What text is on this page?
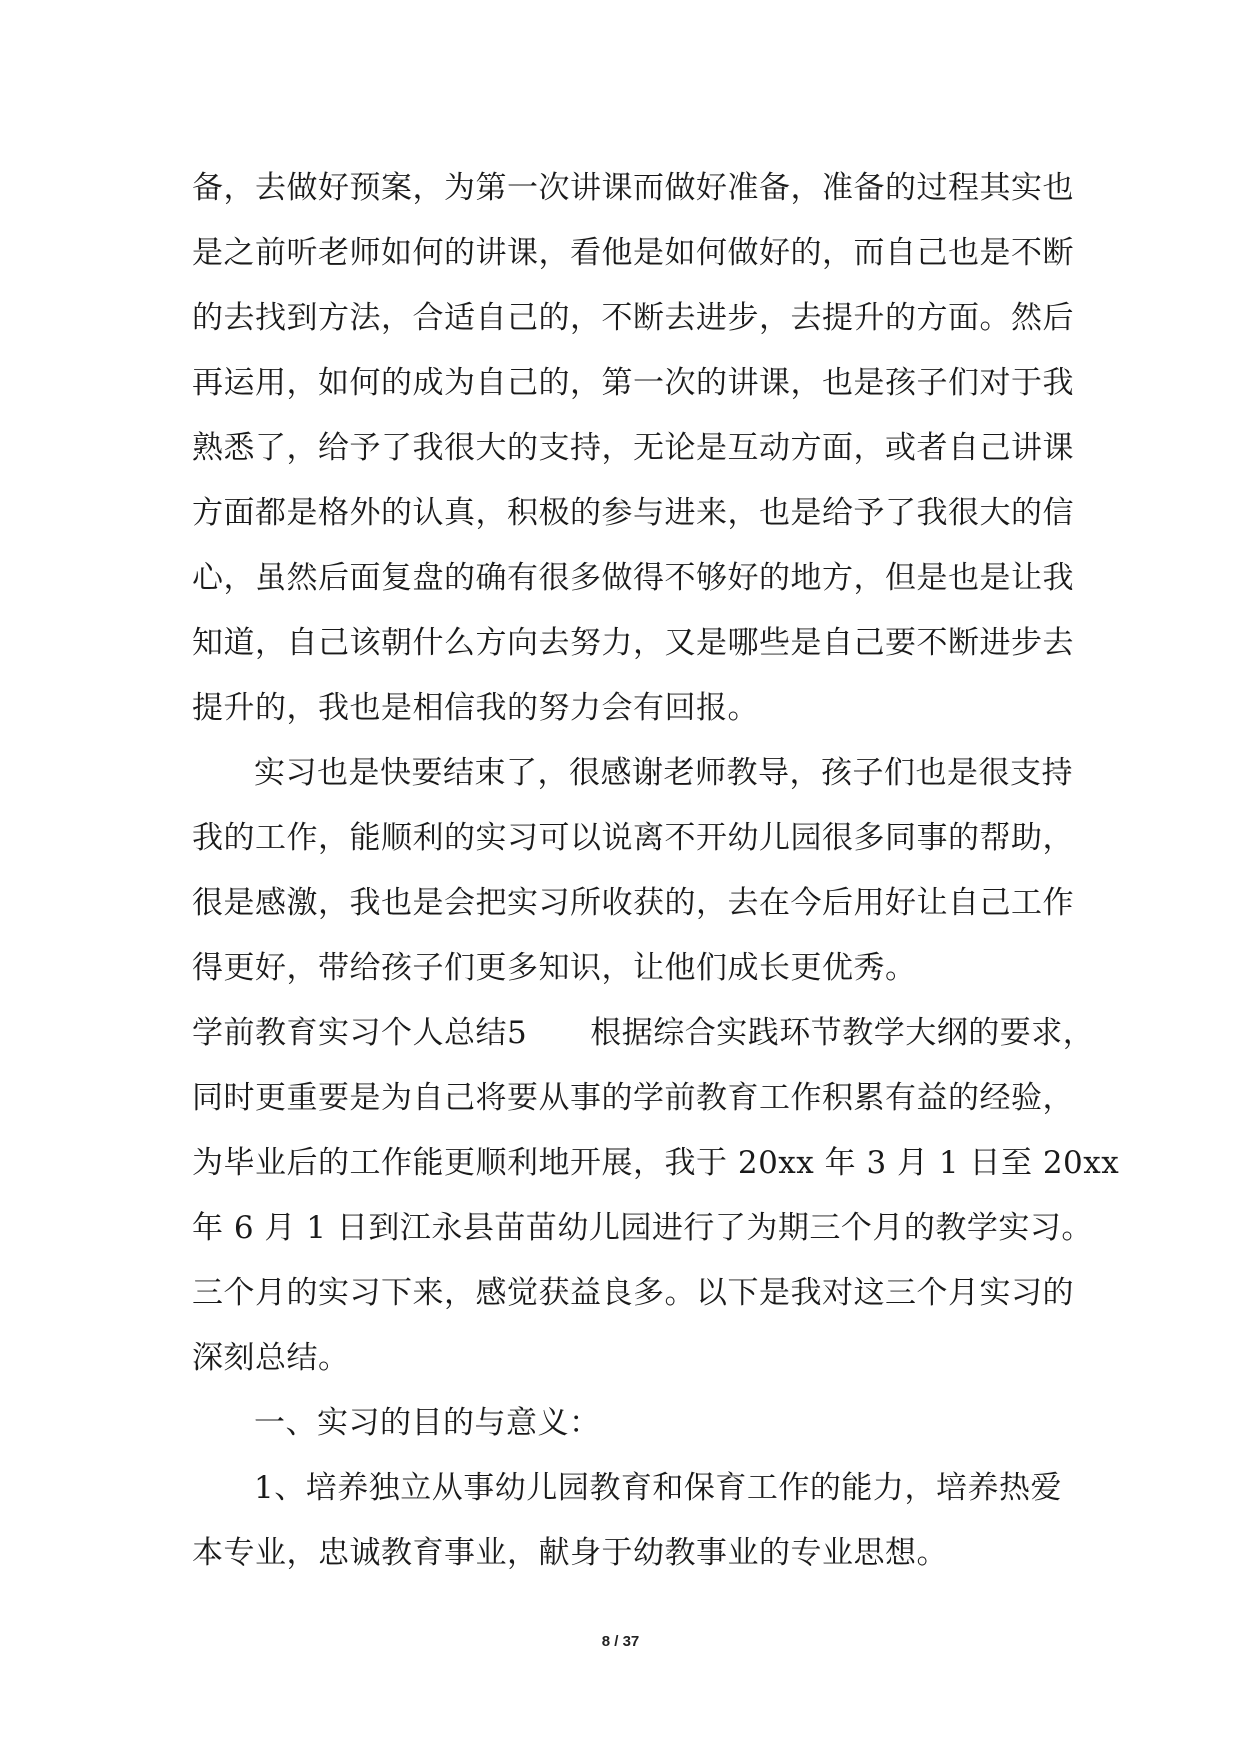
备，去做好预案，为第一次讲课而做好准备，准备的过程其实也
是之前听老师如何的讲课，看他是如何做好的，而自己也是不断
的去找到方法，合适自己的，不断去进步，去提升的方面。然后
再运用，如何的成为自己的，第一次的讲课，也是孩子们对于我
熟悉了，给予了我很大的支持，无论是互动方面，或者自己讲课
方面都是格外的认真，积极的参与进来，也是给予了我很大的信
心，虽然后面复盘的确有很多做得不够好的地方，但是也是让我
知道，自己该朝什么方向去努力，又是哪些是自己要不断进步去
提升的，我也是相信我的努力会有回报。
实习也是快要结束了，很感谢老师教导，孩子们也是很支持
我的工作，能顺利的实习可以说离不开幼儿园很多同事的帮助，
很是感激，我也是会把实习所收获的，去在今后用好让自己工作
得更好，带给孩子们更多知识，让他们成长更优秀。
学前教育实习个人总结5　　根据综合实践环节教学大纲的要求，
同时更重要是为自己将要从事的学前教育工作积累有益的经验，
为毕业后的工作能更顺利地开展，我于 20xx 年 3 月 1 日至 20xx
年 6 月 1 日到江永县苗苗幼儿园进行了为期三个月的教学实习。
三个月的实习下来，感觉获益良多。以下是我对这三个月实习的
深刻总结。
一、实习的目的与意义：
1、培养独立从事幼儿园教育和保育工作的能力，培养热爱
本专业，忠诚教育事业，献身于幼教事业的专业思想。
8 / 37
